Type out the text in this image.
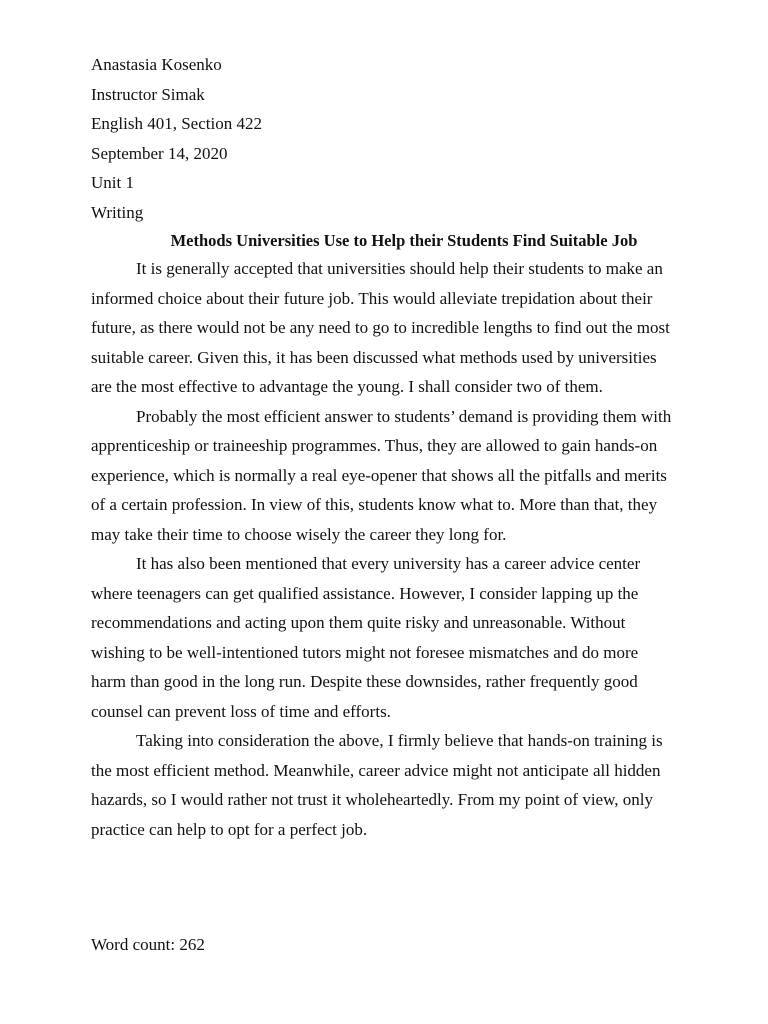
Anastasia Kosenko
Instructor Simak
English 401, Section 422
September 14, 2020
Unit 1
Writing
Methods Universities Use to Help their Students Find Suitable Job

It is generally accepted that universities should help their students to make an
informed choice about their future job. This would alleviate trepidation about their
future, as there would not be any need to go to incredible lengths to find out the most
suitable career. Given this, it has been discussed what methods used by universities
are the most effective to advantage the young. I shall consider two of them.

Probably the most efficient answer to students’ demand is providing them with
apprenticeship or traineeship programmes. Thus, they are allowed to gain hands-on
experience, which is normally a real eye-opener that shows all the pitfalls and merits
of a certain profession. In view of this, students know what to. More than that, they
may take their time to choose wisely the career they long for.

It has also been mentioned that every university has a career advice center
where teenagers can get qualified assistance. However, I consider lapping up the
recommendations and acting upon them quite risky and unreasonable. Without
wishing to be well-intentioned tutors might not foresee mismatches and do more
harm than good in the long run. Despite these downsides, rather frequently good
counsel can prevent loss of time and efforts.

Taking into consideration the above, I firmly believe that hands-on training is
the most efficient method. Meanwhile, career advice might not anticipate all hidden
hazards, so I would rather not trust it wholeheartedly. From my point of view, only
practice can help to opt for a perfect job.

Word count: 262
